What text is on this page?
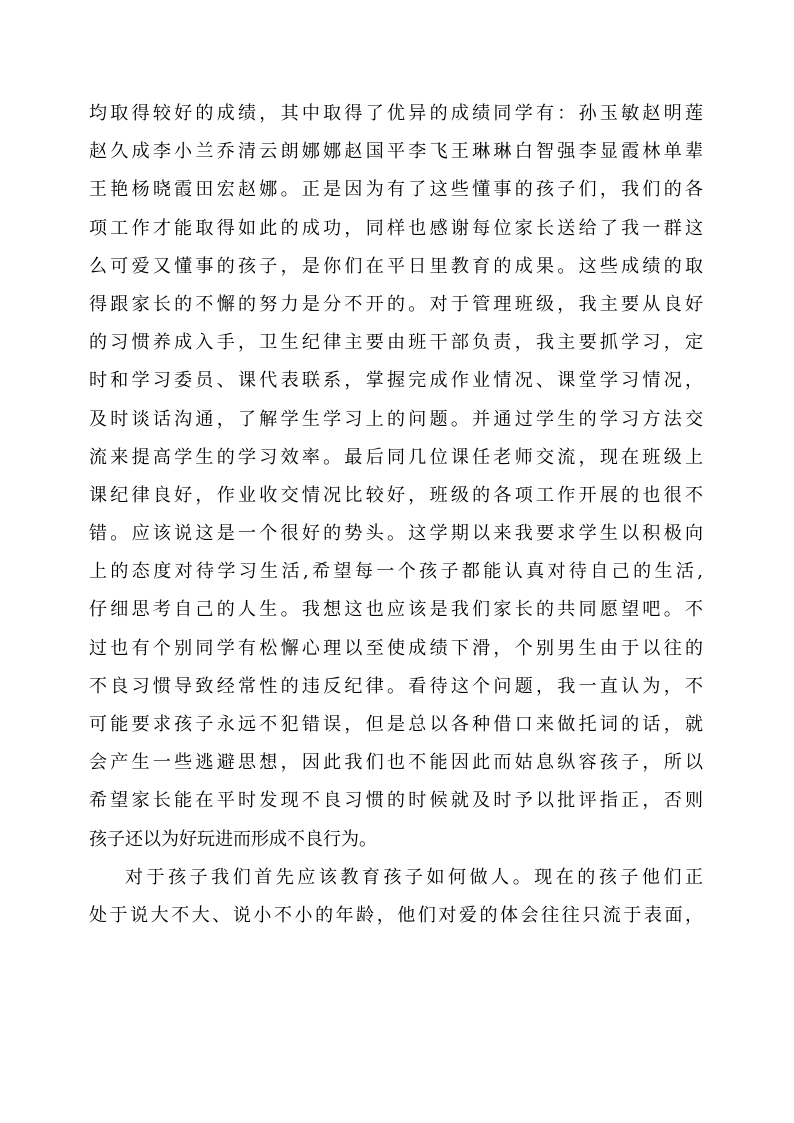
均取得较好的成绩，其中取得了优异的成绩同学有：孙玉敏赵明莲
赵久成李小兰乔清云朗娜娜赵国平李飞王琳琳白智强李显霞林单辈
王艳杨晓霞田宏赵娜。正是因为有了这些懂事的孩子们，我们的各
项工作才能取得如此的成功，同样也感谢每位家长送给了我一群这
么可爱又懂事的孩子，是你们在平日里教育的成果。这些成绩的取
得跟家长的不懈的努力是分不开的。对于管理班级，我主要从良好
的习惯养成入手，卫生纪律主要由班干部负责，我主要抓学习，定
时和学习委员、课代表联系，掌握完成作业情况、课堂学习情况，
及时谈话沟通，了解学生学习上的问题。并通过学生的学习方法交
流来提高学生的学习效率。最后同几位课任老师交流，现在班级上
课纪律良好，作业收交情况比较好，班级的各项工作开展的也很不
错。应该说这是一个很好的势头。这学期以来我要求学生以积极向
上的态度对待学习生活,希望每一个孩子都能认真对待自己的生活,
仔细思考自己的人生。我想这也应该是我们家长的共同愿望吧。不
过也有个别同学有松懈心理以至使成绩下滑，个别男生由于以往的
不良习惯导致经常性的违反纪律。看待这个问题，我一直认为，不
可能要求孩子永远不犯错误，但是总以各种借口来做托词的话，就
会产生一些逃避思想，因此我们也不能因此而姑息纵容孩子，所以
希望家长能在平时发现不良习惯的时候就及时予以批评指正，否则
孩子还以为好玩进而形成不良行为。
对于孩子我们首先应该教育孩子如何做人。现在的孩子他们正
处于说大不大、说小不小的年龄，他们对爱的体会往往只流于表面，
